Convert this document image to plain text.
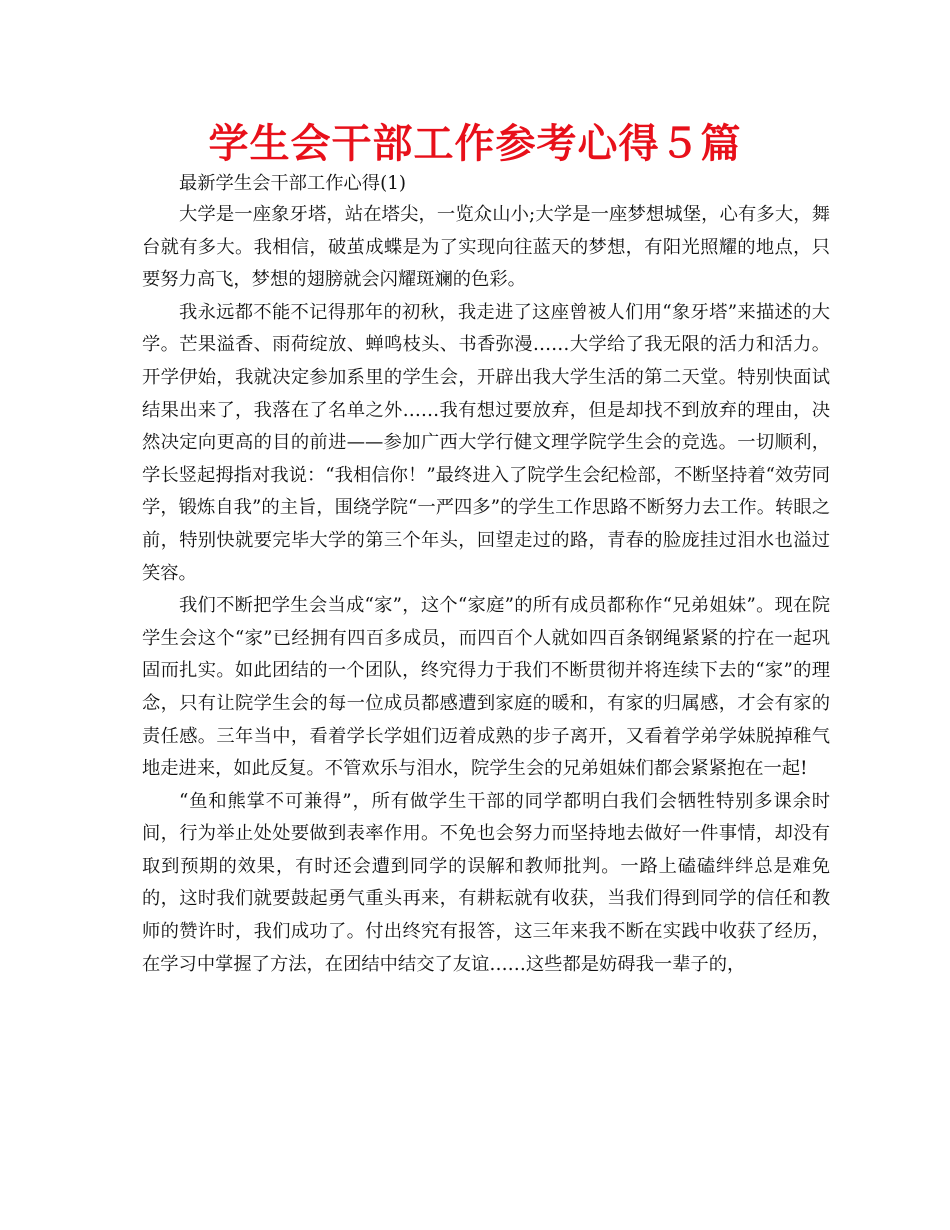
学生会干部工作参考心得５篇

最新学生会干部工作心得(1)

大学是一座象牙塔，站在塔尖，一览众山小;大学是一座梦想城堡，心有多大，舞台就有多大。我相信，破茧成蝶是为了实现向往蓝天的梦想，有阳光照耀的地点，只要努力高飞，梦想的翅膀就会闪耀斑斓的色彩。

我永远都不能不记得那年的初秋，我走进了这座曾被人们用“象牙塔”来描述的大学。芒果溢香、雨荷绽放、蝉鸣枝头、书香弥漫……大学给了我无限的活力和活力。开学伊始，我就决定参加系里的学生会，开辟出我大学生活的第二天堂。特别快面试结果出来了，我落在了名单之外……我有想过要放弃，但是却找不到放弃的理由，决然决定向更高的目的前进——参加广西大学行健文理学院学生会的竞选。一切顺利，学长竖起拇指对我说：“我相信你！”最终进入了院学生会纪检部，不断坚持着“效劳同学，锻炼自我”的主旨，围绕学院“一严四多”的学生工作思路不断努力去工作。转眼之前，特别快就要完毕大学的第三个年头，回望走过的路，青春的脸庞挂过泪水也溢过笑容。

我们不断把学生会当成“家”，这个“家庭”的所有成员都称作“兄弟姐妹”。现在院学生会这个“家”已经拥有四百多成员，而四百个人就如四百条钢绳紧紧的拧在一起巩固而扎实。如此团结的一个团队，终究得力于我们不断贯彻并将连续下去的“家”的理念，只有让院学生会的每一位成员都感遭到家庭的暖和，有家的归属感，才会有家的责任感。三年当中，看着学长学姐们迈着成熟的步子离开，又看着学弟学妹脱掉稚气地走进来，如此反复。不管欢乐与泪水，院学生会的兄弟姐妹们都会紧紧抱在一起!

“鱼和熊掌不可兼得”，所有做学生干部的同学都明白我们会牺牲特别多课余时间，行为举止处处要做到表率作用。不免也会努力而坚持地去做好一件事情，却没有取到预期的效果，有时还会遭到同学的误解和教师批判。一路上磕磕绊绊总是难免的，这时我们就要鼓起勇气重头再来，有耕耘就有收获，当我们得到同学的信任和教师的赞许时，我们成功了。付出终究有报答，这三年来我不断在实践中收获了经历，在学习中掌握了方法，在团结中结交了友谊……这些都是妨碍我一辈子的，
